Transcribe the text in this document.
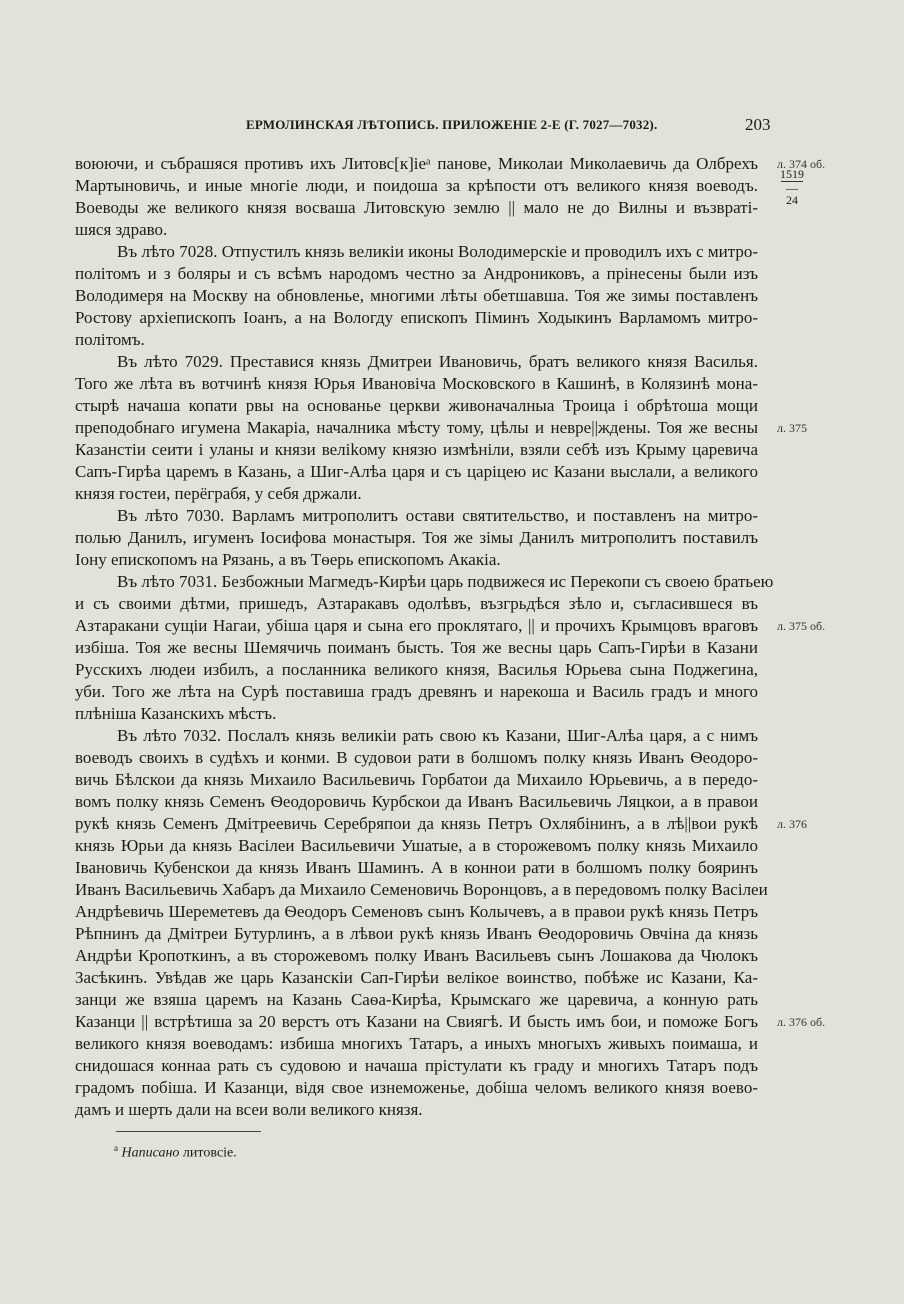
ЕРМОЛИНСКАЯ ЛѢТОПИСЬ. ПРИЛОЖЕНІЕ 2-Е (Г. 7027—7032).	203
воюючи, и събрашяся противъ ихъ Литовс[к]іеᵃ панове, Миколаи Миколаевичь да Олбрехъ
Мартыновичь, и иные многіе люди, и поидоша за крѣпости отъ великого князя воеводъ.
Воеводы же великого князя восваша Литовскую землю || мало не до Вилны и възвраті-
шяся здраво.
Въ лѣто 7028. Отпустилъ князь великіи иконы Володимерскіе и проводилъ ихъ с митро-
політомъ и з боляры и съ всѣмъ народомъ честно за Андрониковъ, а прінесены были изъ
Володимеря на Москву на обновленье, многими лѣты обетшавша. Тоя же зимы поставленъ
Ростову архіепископъ Іоанъ, а на Вологду епископъ Піминъ Ходыкинъ Варламомъ митро-
політомъ.
Въ лѣто 7029. Преставися князь Дмитреи Ивановичь, братъ великого князя Василья.
Того же лѣта въ вотчинѣ князя Юрья Ивановіча Московского в Кашинѣ, в Колязинѣ мона-
стырѣ начаша копати рвы на основанье церкви живоначалныа Троица і обрѣтоша мощи
преподобнаго игумена Макаріа, началника мѣсту тому, цѣлы и невре||ждены. Тоя же весны
Казанстіи сеити і уланы и князи веліkому князю измѣніли, взяли себѣ изъ Крыму царевича
Сапъ-Гирѣа царемъ в Казань, а Шиг-Алѣа царя и съ царіцею ис Казани выслали, а великого
князя гостеи, перёграбя, у себя држали.
Въ лѣто 7030. Варламъ митрополитъ остави святительство, и поставленъ на митро-
полью Данилъ, игуменъ Іосифова монастыря. Тоя же зімы Данилъ митрополитъ поставилъ
Іону епископомъ на Рязань, а въ Тѳерь епископомъ Акакіа.
Въ лѣто 7031. Безбожныи Магмедъ-Кирѣи царь подвижеся ис Перекопи съ своею братьею
и съ своими дѣтми, пришедъ, Азтаракавъ одолѣвъ, възгрьдѣся зѣло и, съгласившеся въ
Азтаракани сущіи Нагаи, убіша царя и сына его проклятаго, || и прочихъ Крымцовъ враговъ
избіша. Тоя же весны Шемячичь поиманъ бысть. Тоя же весны царь Сапъ-Гирѣи в Казани
Русскихъ людеи избилъ, а посланника великого князя, Василья Юрьева сына Поджегина,
уби. Того же лѣта на Сурѣ поставиша градъ древянъ и нарекоша и Василь градъ и много
плѣніша Казанскихъ мѣстъ.
Въ лѣто 7032. Послалъ князь великіи рать свою къ Казани, Шиг-Алѣа царя, а с нимъ
воеводъ своихъ в судѣхъ и конми. В судовои рати в болшомъ полку князь Иванъ Ѳеодоро-
вичь Бѣлскои да князь Михаило Васильевичь Горбатои да Михаило Юрьевичь, а в передо-
вомъ полку князь Семенъ Ѳеодоровичь Курбскои да Иванъ Васильевичь Ляцкои, а в правои
рукѣ князь Семенъ Дмітреевичь Серебряпои да князь Петръ Охлябінинъ, а в лѣ||вои рукѣ
князь Юрьи да князь Васілеи Васильевичи Ушатые, а в сторожевомъ полку князь Михаило
Івановичь Кубенскои да князь Иванъ Шаминъ. А в коннои рати в болшомъ полку бояринъ
Иванъ Васильевичь Хабаръ да Михаило Семеновичь Воронцовъ, а в передовомъ полку Васілеи
Андрѣевичь Шереметевъ да Ѳеодоръ Семеновъ сынъ Колычевъ, а в правои рукѣ князь Петръ
Рѣпнинъ да Дмітреи Бутурлинъ, а в лѣвои рукѣ князь Иванъ Ѳеодоровичь Овчіна да князь
Андрѣи Кропоткинъ, а въ сторожевомъ полку Иванъ Васильевъ сынъ Лошакова да Чюлокъ
Засѣкинъ. Увѣдав же царь Казанскіи Сап-Гирѣи велікое воинство, побѣже ис Казани, Ка-
занци же взяша царемъ на Казань Саѳа-Кирѣа, Крымскаго же царевича, а конную рать
Казанци || встрѣтиша за 20 верстъ отъ Казани на Свиягѣ. И бысть имъ бои, и поможе Богъ
великого князя воеводамъ: избиша многихъ Татаръ, а иныхъ многыхъ живыхъ поимаша, и
снидошася коннаа рать съ судовою и начаша прістулати къ граду и многихъ Татаръ подъ
градомъ побіша. И Казанци, відя свое изнеможенье, добіша челомъ великого князя воево-
дамъ и шерть дали на всеи воли великого князя.
л. 374 об.
1519
—24
л. 375
л. 375 об.
л. 376
л. 376 об.
$^а$ Написано литовсіе.
